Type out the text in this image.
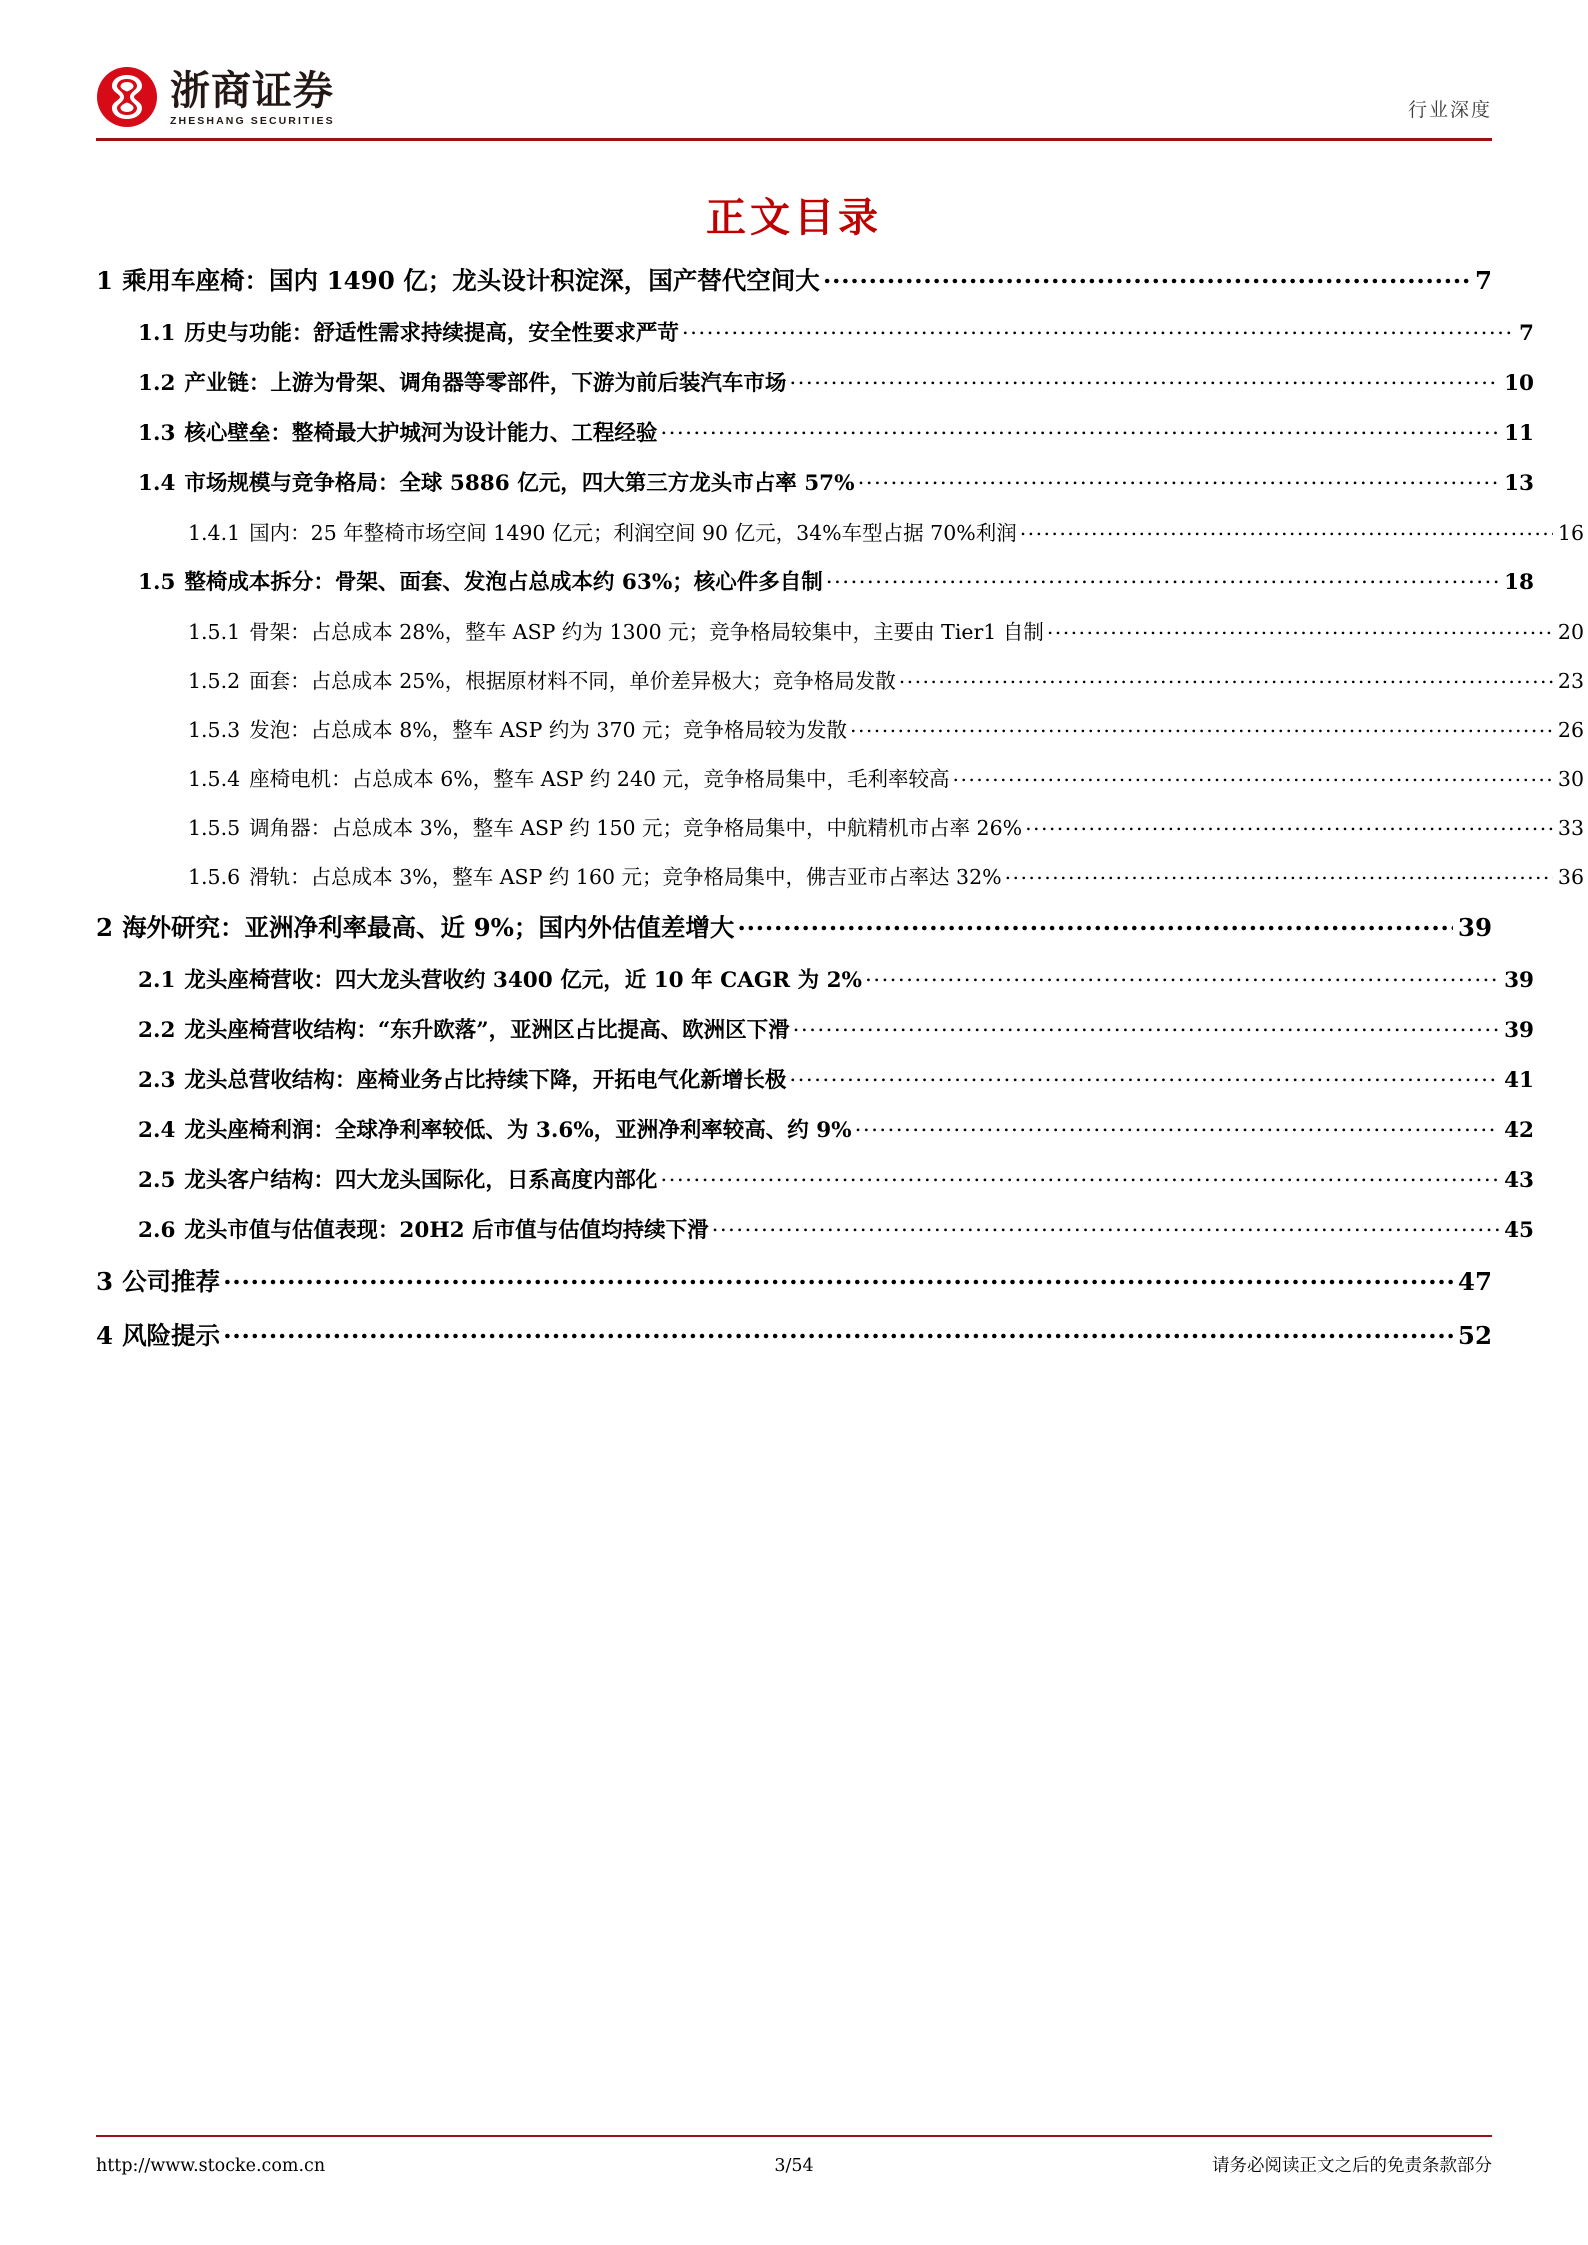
浙商证券
ZHESHANG SECURITIES	行业深度
正文目录
1 乘用车座椅：国内 1490 亿；龙头设计积淀深，国产替代空间大 .....	7
1.1 历史与功能：舒适性需求持续提高，安全性要求严苛 .....	7
1.2 产业链：上游为骨架、调角器等零部件，下游为前后装汽车市场 .....	10
1.3 核心壁垒：整椅最大护城河为设计能力、工程经验 .....	11
1.4 市场规模与竞争格局：全球 5886 亿元，四大第三方龙头市占率 57% .....	13
1.4.1 国内：25 年整椅市场空间 1490 亿元；利润空间 90 亿元，34%车型占据 70%利润 .....	16
1.5 整椅成本拆分：骨架、面套、发泡占总成本约 63%；核心件多自制 .....	18
1.5.1 骨架：占总成本 28%，整车 ASP 约为 1300 元；竞争格局较集中，主要由 Tier1 自制 .....	20
1.5.2 面套：占总成本 25%，根据原材料不同，单价差异极大；竞争格局发散 .....	23
1.5.3 发泡：占总成本 8%，整车 ASP 约为 370 元；竞争格局较为发散 .....	26
1.5.4 座椅电机：占总成本 6%，整车 ASP 约 240 元，竞争格局集中，毛利率较高 .....	30
1.5.5 调角器：占总成本 3%，整车 ASP 约 150 元；竞争格局集中，中航精机市占率 26% .....	33
1.5.6 滑轨：占总成本 3%，整车 ASP 约 160 元；竞争格局集中，佛吉亚市占率达 32% .....	36
2 海外研究：亚洲净利率最高、近 9%；国内外估值差增大 .....	39
2.1 龙头座椅营收：四大龙头营收约 3400 亿元，近 10 年 CAGR 为 2% .....	39
2.2 龙头座椅营收结构：“东升欧落”，亚洲区占比提高、欧洲区下滑 .....	39
2.3 龙头总营收结构：座椅业务占比持续下降，开拓电气化新增长极 .....	41
2.4 龙头座椅利润：全球净利率较低、为 3.6%，亚洲净利率较高、约 9% .....	42
2.5 龙头客户结构：四大龙头国际化，日系高度内部化 .....	43
2.6 龙头市值与估值表现：20H2 后市值与估值均持续下滑 .....	45
3 公司推荐 .....	47
4 风险提示 .....	52
http://www.stocke.com.cn	3/54	请务必阅读正文之后的免责条款部分
